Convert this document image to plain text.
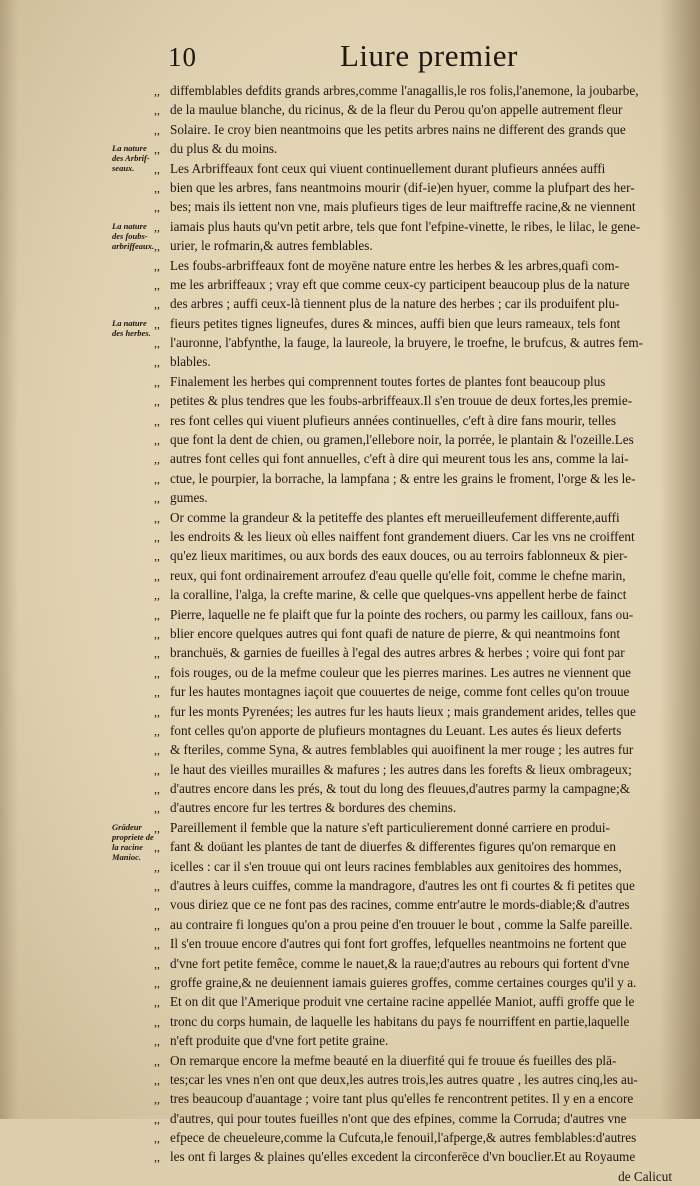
10	Liure premier
La nature des Arbrif-seaux.
La nature des foubs-arbriffeaux.
La nature des herbes.
Grādeur propriete de la racine Manioc.
,, diffemblables defdits grands arbres,comme l'anagallis,le ros folis,l'anemone, la joubarbe,
,, de la maulue blanche, du ricinus, & de la fleur du Perou qu'on appelle autrement fleur
,, Solaire. Ie croy bien neantmoins que les petits arbres nains ne different des grands que
,, du plus & du moins.
,, Les Arbriffeaux font ceux qui viuent continuellement durant plufieurs années auffi
,, bien que les arbres, fans neantmoins mourir (dif-ie)en hyuer, comme la plufpart des her-
,, bes; mais ils iettent non vne, mais plufieurs tiges de leur maiftreffe racine,& ne viennent
,, iamais plus hauts qu'vn petit arbre, tels que font l'efpine-vinette, le ribes, le lilac, le gene-
,, urier, le rofmarin,& autres femblables.
,, Les foubs-arbriffeaux font de moyēne nature entre les herbes & les arbres,quafi com-
,, me les arbriffeaux ; vray eft que comme ceux-cy participent beaucoup plus de la nature
,, des arbres ; auffi ceux-là tiennent plus de la nature des herbes ; car ils produifent plu-
,, fieurs petites tignes ligneufes, dures & minces, auffi bien que leurs rameaux, tels font
,, l'auronne, l'abfynthe, la fauge, la laureole, la bruyere, le troefne, le brufcus, & autres fem-
,, blables.
,, Finalement les herbes qui comprennent toutes fortes de plantes font beaucoup plus
,, petites & plus tendres que les foubs-arbriffeaux.Il s'en trouue de deux fortes,les premie-
,, res font celles qui viuent plufieurs années continuelles, c'eft à dire fans mourir, telles
,, que font la dent de chien, ou gramen,l'ellebore noir, la porrée, le plantain & l'ozeille.Les
,, autres font celles qui font annuelles, c'eft à dire qui meurent tous les ans, comme la lai-
,, ctue, le pourpier, la borrache, la lampfana ; & entre les grains le froment, l'orge & les le-
,, gumes.
,, Or comme la grandeur & la petiteffe des plantes eft merueilleufement differente,auffi
,, les endroits & les lieux où elles naiffent font grandement diuers. Car les vns ne croiffent
,, qu'ez lieux maritimes, ou aux bords des eaux douces, ou au terroirs fablonneux & pier-
,, reux, qui font ordinairement arroufez d'eau quelle qu'elle foit, comme le chefne marin,
,, la coralline, l'alga, la crefte marine, & celle que quelques-vns appellent herbe de fainct
,, Pierre, laquelle ne fe plaift que fur la pointe des rochers, ou parmy les cailloux, fans ou-
,, blier encore quelques autres qui font quafi de nature de pierre, & qui neantmoins font
,, branchuës, & garnies de fueilles à l'egal des autres arbres & herbes ; voire qui font par
,, fois rouges, ou de la mefme couleur que les pierres marines. Les autres ne viennent que
,, fur les hautes montagnes iaçoit que couuertes de neige, comme font celles qu'on trouue
,, fur les monts Pyrenées; les autres fur les hauts lieux ; mais grandement arides, telles que
,, font celles qu'on apporte de plufieurs montagnes du Leuant. Les autes és lieux deferts
,, & fteriles, comme Syna, & autres femblables qui auoifinent la mer rouge ; les autres fur
,, le haut des vieilles murailles & mafures ; les autres dans les forefts & lieux ombrageux;
,, d'autres encore dans les prés, & tout du long des fleuues,d'autres parmy la campagne;&
,, d'autres encore fur les tertres & bordures des chemins.
,, Pareillement il femble que la nature s'eft particulierement donné carriere en produi-
,, fant & doüant les plantes de tant de diuerfes & differentes figures qu'on remarque en
,, icelles : car il s'en trouue qui ont leurs racines femblables aux genitoires des hommes,
,, d'autres à leurs cuiffes, comme la mandragore, d'autres les ont fi courtes & fi petites que
,, vous diriez que ce ne font pas des racines, comme entr'autre le mords-diable;& d'autres
,, au contraire fi longues qu'on a prou peine d'en trouuer le bout , comme la Salfe pareille.
,, Il s'en trouue encore d'autres qui font fort groffes, lefquelles neantmoins ne fortent que
,, d'vne fort petite femêce, comme le nauet,& la raue;d'autres au rebours qui fortent d'vne
,, groffe graine,& ne deuiennent iamais guieres groffes, comme certaines courges qu'il y a.
,, Et on dit que l'Amerique produit vne certaine racine appellée Maniot, auffi groffe que le
,, tronc du corps humain, de laquelle les habitans du pays fe nourriffent en partie,laquelle
,, n'eft produite que d'vne fort petite graine.
,, On remarque encore la mefme beauté en la diuerfité qui fe trouue és fueilles des plā-
,, tes;car les vnes n'en ont que deux,les autres trois,les autres quatre , les autres cinq,les au-
,, tres beaucoup d'auantage ; voire tant plus qu'elles fe rencontrent petites. Il y en a encore
,, d'autres, qui pour toutes fueilles n'ont que des efpines, comme la Corruda; d'autres vne
,, efpece de cheueleure,comme la Cufcuta,le fenouil,l'afperge,& autres femblables:d'autres
,, les ont fi larges & plaines qu'elles excedent la circonferēce d'vn bouclier.Et au Royaume
de Calicut
